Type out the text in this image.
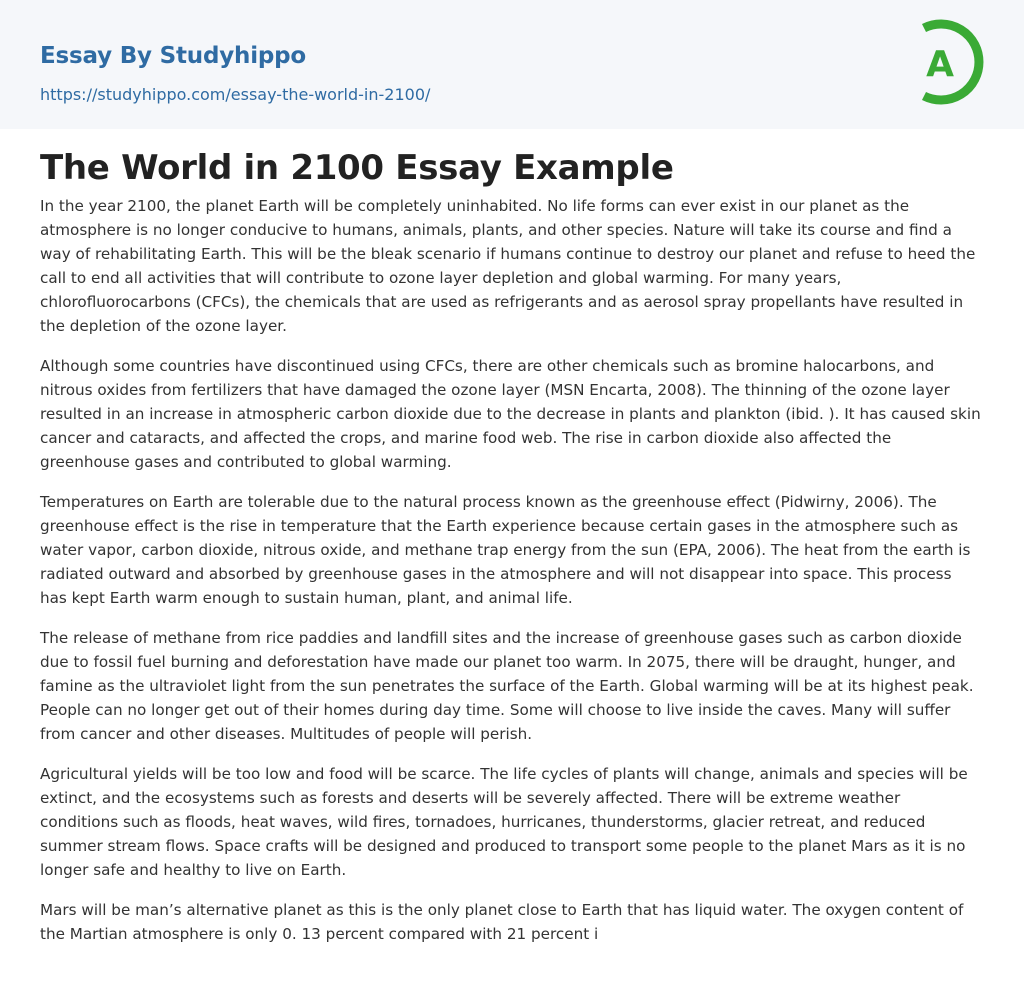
Essay By Studyhippo
https://studyhippo.com/essay-the-world-in-2100/
A
The World in 2100 Essay Example

In the year 2100, the planet Earth will be completely uninhabited. No life forms can ever exist in our planet as the atmosphere is no longer conducive to humans, animals, plants, and other species. Nature will take its course and find a way of rehabilitating Earth. This will be the bleak scenario if humans continue to destroy our planet and refuse to heed the call to end all activities that will contribute to ozone layer depletion and global warming. For many years, chlorofluorocarbons (CFCs), the chemicals that are used as refrigerants and as aerosol spray propellants have resulted in the depletion of the ozone layer.

Although some countries have discontinued using CFCs, there are other chemicals such as bromine halocarbons, and nitrous oxides from fertilizers that have damaged the ozone layer (MSN Encarta, 2008). The thinning of the ozone layer resulted in an increase in atmospheric carbon dioxide due to the decrease in plants and plankton (ibid. ). It has caused skin cancer and cataracts, and affected the crops, and marine food web. The rise in carbon dioxide also affected the greenhouse gases and contributed to global warming.

Temperatures on Earth are tolerable due to the natural process known as the greenhouse effect (Pidwirny, 2006). The greenhouse effect is the rise in temperature that the Earth experience because certain gases in the atmosphere such as water vapor, carbon dioxide, nitrous oxide, and methane trap energy from the sun (EPA, 2006). The heat from the earth is radiated outward and absorbed by greenhouse gases in the atmosphere and will not disappear into space. This process has kept Earth warm enough to sustain human, plant, and animal life.

The release of methane from rice paddies and landfill sites and the increase of greenhouse gases such as carbon dioxide due to fossil fuel burning and deforestation have made our planet too warm. In 2075, there will be draught, hunger, and famine as the ultraviolet light from the sun penetrates the surface of the Earth. Global warming will be at its highest peak. People can no longer get out of their homes during day time. Some will choose to live inside the caves. Many will suffer from cancer and other diseases. Multitudes of people will perish.

Agricultural yields will be too low and food will be scarce. The life cycles of plants will change, animals and species will be extinct, and the ecosystems such as forests and deserts will be severely affected. There will be extreme weather conditions such as floods, heat waves, wild fires, tornadoes, hurricanes, thunderstorms, glacier retreat, and reduced summer stream flows. Space crafts will be designed and produced to transport some people to the planet Mars as it is no longer safe and healthy to live on Earth.

Mars will be man’s alternative planet as this is the only planet close to Earth that has liquid water. The oxygen content of the Martian atmosphere is only 0. 13 percent compared with 21 percent i
